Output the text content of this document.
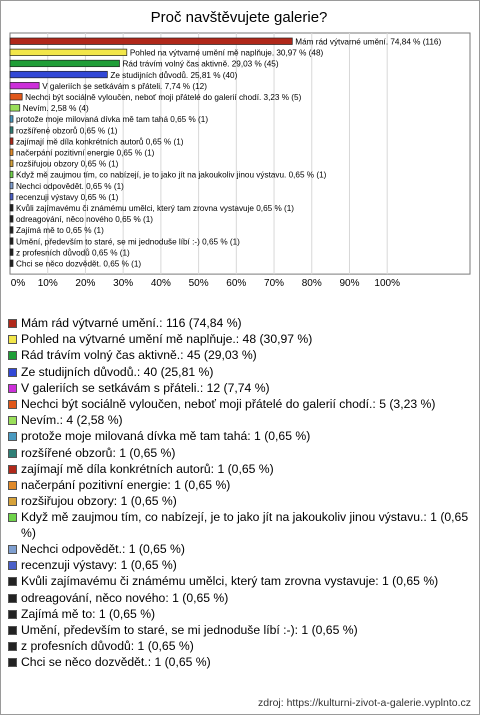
Proč navštěvujete galerie?
0% 10% 20% 30% 40% 50% 60% 70% 80% 90% 100%
Mám rád výtvarné umění. 74,84 % (116)
Pohled na výtvarné umění mě naplňuje. 30,97 % (48)
Rád trávím volný čas aktivně. 29,03 % (45)
Ze studijních důvodů. 25,81 % (40)
V galeriích se setkávám s přáteli. 7,74 % (12)
Nechci být sociálně vyloučen, neboť moji přátelé do galerií chodí. 3,23 % (5)
Nevím. 2,58 % (4)
protože moje milovaná dívka mě tam tahá 0,65 % (1)
rozšířené obzorů 0,65 % (1)
zajímají mě díla konkrétních autorů 0,65 % (1)
načerpání pozitivní energie 0,65 % (1)
rozšiřujou obzory 0,65 % (1)
Když mě zaujmou tím, co nabízejí, je to jako jít na jakoukoliv jinou výstavu. 0,65 % (1)
Nechci odpovědět. 0,65 % (1)
recenzuji výstavy 0,65 % (1)
Kvůli zajímavému či známému umělci, který tam zrovna vystavuje 0,65 % (1)
odreagování, něco nového 0,65 % (1)
Zajímá mě to 0,65 % (1)
Umění, především to staré, se mi jednoduše líbí :-) 0,65 % (1)
z profesních důvodů 0,65 % (1)
Chci se něco dozvědět. 0,65 % (1)
Mám rád výtvarné umění.: 116 (74,84 %)
Pohled na výtvarné umění mě naplňuje.: 48 (30,97 %)
Rád trávím volný čas aktivně.: 45 (29,03 %)
Ze studijních důvodů.: 40 (25,81 %)
V galeriích se setkávám s přáteli.: 12 (7,74 %)
Nechci být sociálně vyloučen, neboť moji přátelé do galerií chodí.: 5 (3,23 %)
Nevím.: 4 (2,58 %)
protože moje milovaná dívka mě tam tahá: 1 (0,65 %)
rozšířené obzorů: 1 (0,65 %)
zajímají mě díla konkrétních autorů: 1 (0,65 %)
načerpání pozitivní energie: 1 (0,65 %)
rozšiřujou obzory: 1 (0,65 %)
Když mě zaujmou tím, co nabízejí, je to jako jít na jakoukoliv jinou výstavu.: 1 (0,65 %)
Nechci odpovědět.: 1 (0,65 %)
recenzuji výstavy: 1 (0,65 %)
Kvůli zajímavému či známému umělci, který tam zrovna vystavuje: 1 (0,65 %)
odreagování, něco nového: 1 (0,65 %)
Zajímá mě to: 1 (0,65 %)
Umění, především to staré, se mi jednoduše líbí :-): 1 (0,65 %)
z profesních důvodů: 1 (0,65 %)
Chci se něco dozvědět.: 1 (0,65 %)
zdroj: https://kulturni-zivot-a-galerie.vyplnto.cz
